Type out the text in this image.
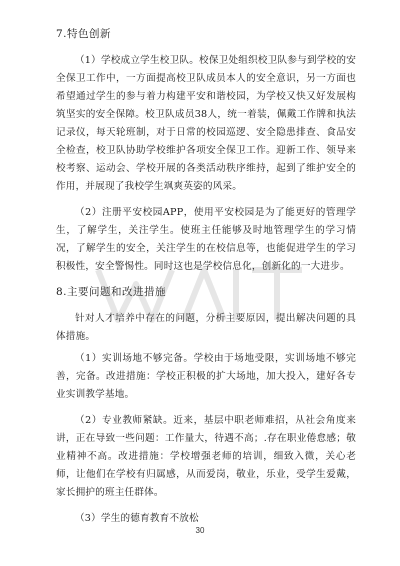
7.特色创新

（1）学校成立学生校卫队。校保卫处组织校卫队参与到学校的安全保卫工作中，一方面提高校卫队成员本人的安全意识，另一方面也希望通过学生的参与着力构建平安和谐校园，为学校又快又好发展构筑坚实的安全保障。校卫队成员38人，统一着装，佩戴工作牌和执法记录仪，每天轮班制，对于日常的校园巡逻、安全隐患排查、食品安全检查，校卫队协助学校维护各项安全保卫工作。迎新工作、领导来校考察、运动会、学校开展的各类活动秩序维持，起到了维护安全的作用，并展现了我校学生飒爽英姿的风采。

（2）注册平安校园APP，使用平安校园是为了能更好的管理学生，了解学生，关注学生。使班主任能够及时地管理学生的学习情况，了解学生的安全，关注学生的在校信息等，也能促进学生的学习积极性，安全警惕性。同时这也是学校信息化，创新化的一大进步。

8.主要问题和改进措施

针对人才培养中存在的问题，分析主要原因，提出解决问题的具体措施。

（1）实训场地不够完备。学校由于场地受限，实训场地不够完善，完备。改进措施：学校正积极的扩大场地，加大投入，建好各专业实训教学基地。

（2）专业教师紧缺。近来，基层中职老师难招，从社会角度来讲，正在导致一些问题：工作量大，待遇不高；.存在职业倦怠感；敬业精神不高。改进措施：学校增强老师的培训，细致入微，关心老师，让他们在学校有归属感，从而爱岗，敬业，乐业，受学生爱戴，家长拥护的班主任群体。

（3）学生的德育教育不放松

30
